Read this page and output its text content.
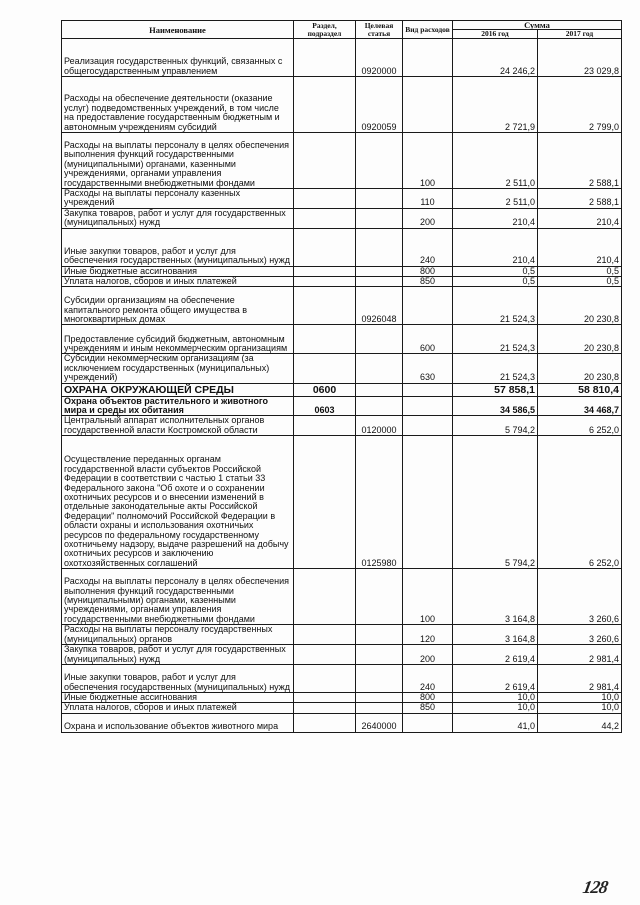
Наименование	Раздел, подраздел	Целевая статья	Вид расходов	Сумма	
				2016 год	2017 год
Реализация государственных функций, связанных с общегосударственным управлением		0920000		24 246,2	23 029,8
Расходы на обеспечение деятельности (оказание услуг) подведомственных учреждений, в том числе на предоставление государственным бюджетным и автономным учреждениям субсидий		0920059		2 721,9	2 799,0
Расходы на выплаты персоналу в целях обеспечения выполнения функций государственными (муниципальными) органами, казенными учреждениями, органами управления государственными внебюджетными фондами			100	2 511,0	2 588,1
Расходы на выплаты персоналу казенных учреждений			110	2 511,0	2 588,1
Закупка товаров, работ и услуг для государственных (муниципальных) нужд			200	210,4	210,4
Иные закупки товаров, работ и услуг для обеспечения государственных (муниципальных) нужд			240	210,4	210,4
Иные бюджетные ассигнования			800	0,5	0,5
Уплата налогов, сборов и иных платежей			850	0,5	0,5
Субсидии организациям на обеспечение капитального ремонта общего имущества в многоквартирных домах		0926048		21 524,3	20 230,8
Предоставление субсидий бюджетным, автономным учреждениям и иным некоммерческим организациям			600	21 524,3	20 230,8
Субсидии некоммерческим организациям (за исключением государственных (муниципальных) учреждений)			630	21 524,3	20 230,8
ОХРАНА ОКРУЖАЮЩЕЙ СРЕДЫ	0600			57 858,1	58 810,4
Охрана объектов растительного и животного мира и среды их обитания	0603			34 586,5	34 468,7
Центральный аппарат исполнительных органов государственной власти Костромской области		0120000		5 794,2	6 252,0
Осуществление переданных органам государственной власти субъектов Российской Федерации в соответствии с частью 1 статьи 33 Федерального закона "Об охоте и о сохранении охотничьих ресурсов и о внесении изменений в отдельные законодательные акты Российской Федерации" полномочий Российской Федерации в области охраны и использования охотничьих ресурсов по федеральному государственному охотничьему надзору, выдаче разрешений на добычу охотничьих ресурсов и заключению охотхозяйственных соглашений		0125980		5 794,2	6 252,0
Расходы на выплаты персоналу в целях обеспечения выполнения функций государственными (муниципальными) органами, казенными учреждениями, органами управления государственными внебюджетными фондами			100	3 164,8	3 260,6
Расходы на выплаты персоналу государственных (муниципальных) органов			120	3 164,8	3 260,6
Закупка товаров, работ и услуг для государственных (муниципальных) нужд			200	2 619,4	2 981,4
Иные закупки товаров, работ и услуг для обеспечения государственных (муниципальных) нужд			240	2 619,4	2 981,4
Иные бюджетные ассигнования			800	10,0	10,0
Уплата налогов, сборов и иных платежей			850	10,0	10,0
Охрана и использование объектов животного мира		2640000		41,0	44,2
128
